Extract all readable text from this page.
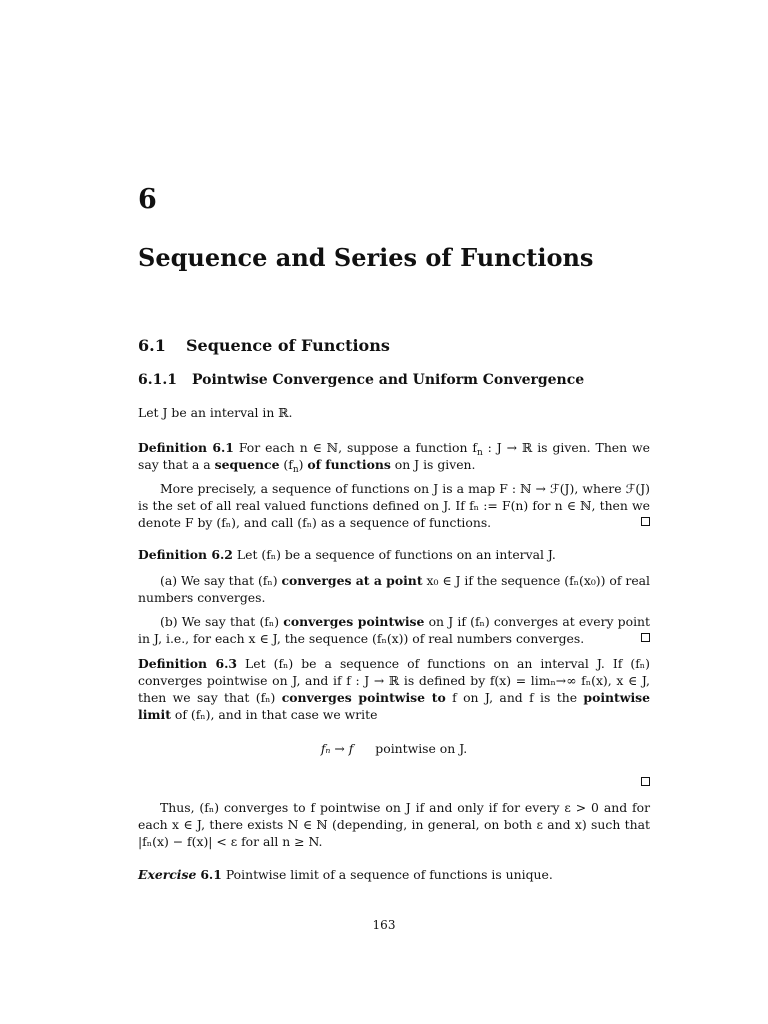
6
Sequence and Series of Functions
6.1 Sequence of Functions
6.1.1 Pointwise Convergence and Uniform Convergence

Let J be an interval in ℝ.

Definition 6.1 For each n ∈ ℕ, suppose a function $f_n$ : J → ℝ is given. Then we say that a a sequence $(f_n)$ of functions on J is given.

More precisely, a sequence of functions on J is a map F : ℕ → ℱ(J), where ℱ(J) is the set of all real valued functions defined on J. If fₙ := F(n) for n ∈ ℕ, then we denote F by (fₙ), and call (fₙ) as a sequence of functions.

Definition 6.2 Let (fₙ) be a sequence of functions on an interval J.

(a) We say that (fₙ) converges at a point x₀ ∈ J if the sequence (fₙ(x₀)) of real numbers converges.

(b) We say that (fₙ) converges pointwise on J if (fₙ) converges at every point in J, i.e., for each x ∈ J, the sequence (fₙ(x)) of real numbers converges.

Definition 6.3 Let (fₙ) be a sequence of functions on an interval J. If (fₙ) converges pointwise on J, and if f : J → ℝ is defined by f(x) = limₙ→∞ fₙ(x), x ∈ J, then we say that (fₙ) converges pointwise to f on J, and f is the pointwise limit of (fₙ), and in that case we write

fₙ → f pointwise on J.

Thus, (fₙ) converges to f pointwise on J if and only if for every ε > 0 and for each x ∈ J, there exists N ∈ ℕ (depending, in general, on both ε and x) such that |fₙ(x) − f(x)| < ε for all n ≥ N.

Exercise 6.1 Pointwise limit of a sequence of functions is unique.

163
